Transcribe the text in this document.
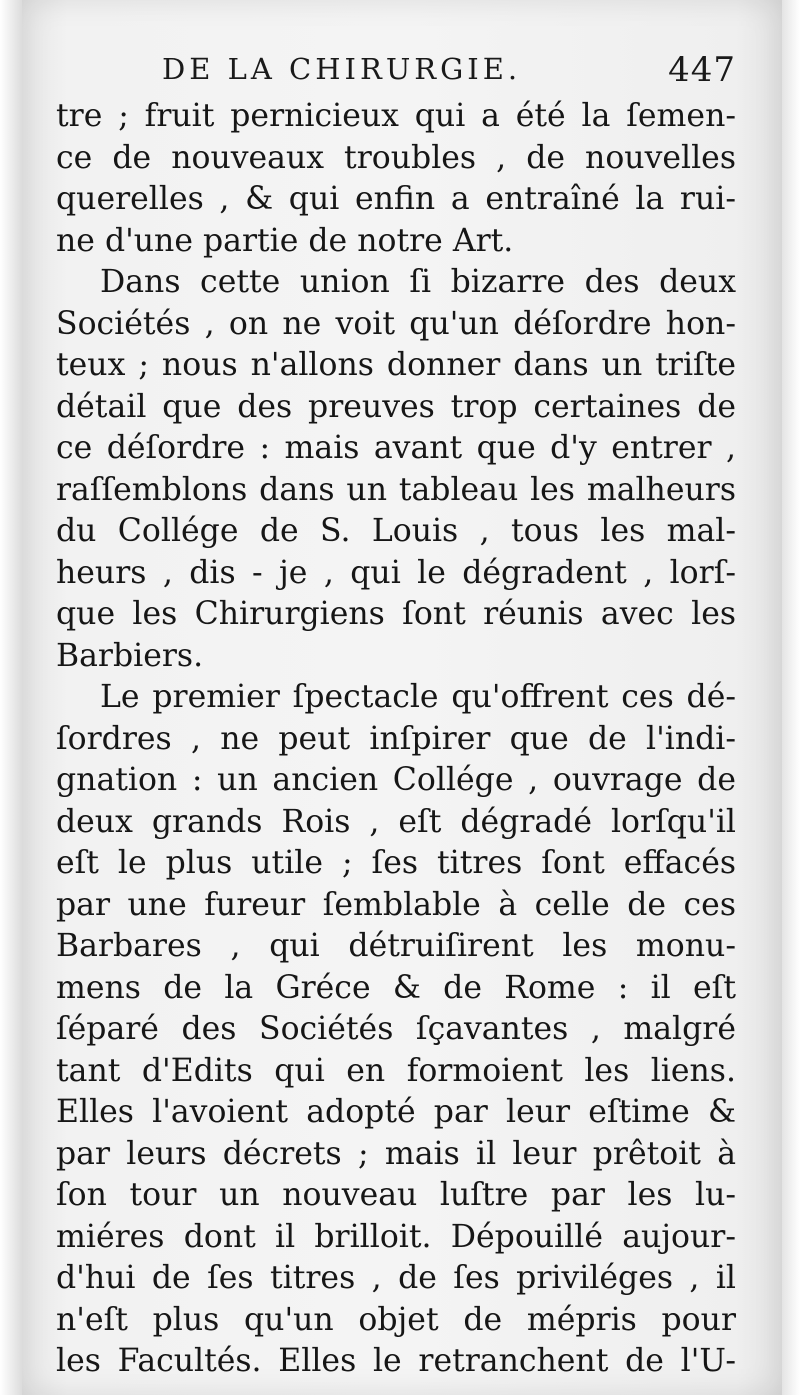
DE LA CHIRURGIE.	447
tre ; fruit pernicieux qui a été la ſemen-
ce de nouveaux troubles , de nouvelles
querelles , & qui enfin a entraîné la rui-
ne d'une partie de notre Art.
Dans cette union ſi bizarre des deux
Sociétés , on ne voit qu'un déſordre hon-
teux ; nous n'allons donner dans un triſte
détail que des preuves trop certaines de
ce déſordre : mais avant que d'y entrer ,
raſſemblons dans un tableau les malheurs
du Collége de S. Louis , tous les mal-
heurs , dis - je , qui le dégradent , lorſ-
que les Chirurgiens ſont réunis avec les
Barbiers.
Le premier ſpectacle qu'offrent ces dé-
ſordres , ne peut inſpirer que de l'indi-
gnation : un ancien Collége , ouvrage de
deux grands Rois , eſt dégradé lorſqu'il
eſt le plus utile ; ſes titres ſont effacés
par une fureur ſemblable à celle de ces
Barbares , qui détruiſirent les monu-
mens de la Gréce & de Rome : il eſt
ſéparé des Sociétés ſçavantes , malgré
tant d'Edits qui en formoient les liens.
Elles l'avoient adopté par leur eſtime &
par leurs décrets ; mais il leur prêtoit à
ſon tour un nouveau luſtre par les lu-
miéres dont il brilloit. Dépouillé aujour-
d'hui de ſes titres , de ſes priviléges , il
n'eſt plus qu'un objet de mépris pour
les Facultés. Elles le retranchent de l'U-
